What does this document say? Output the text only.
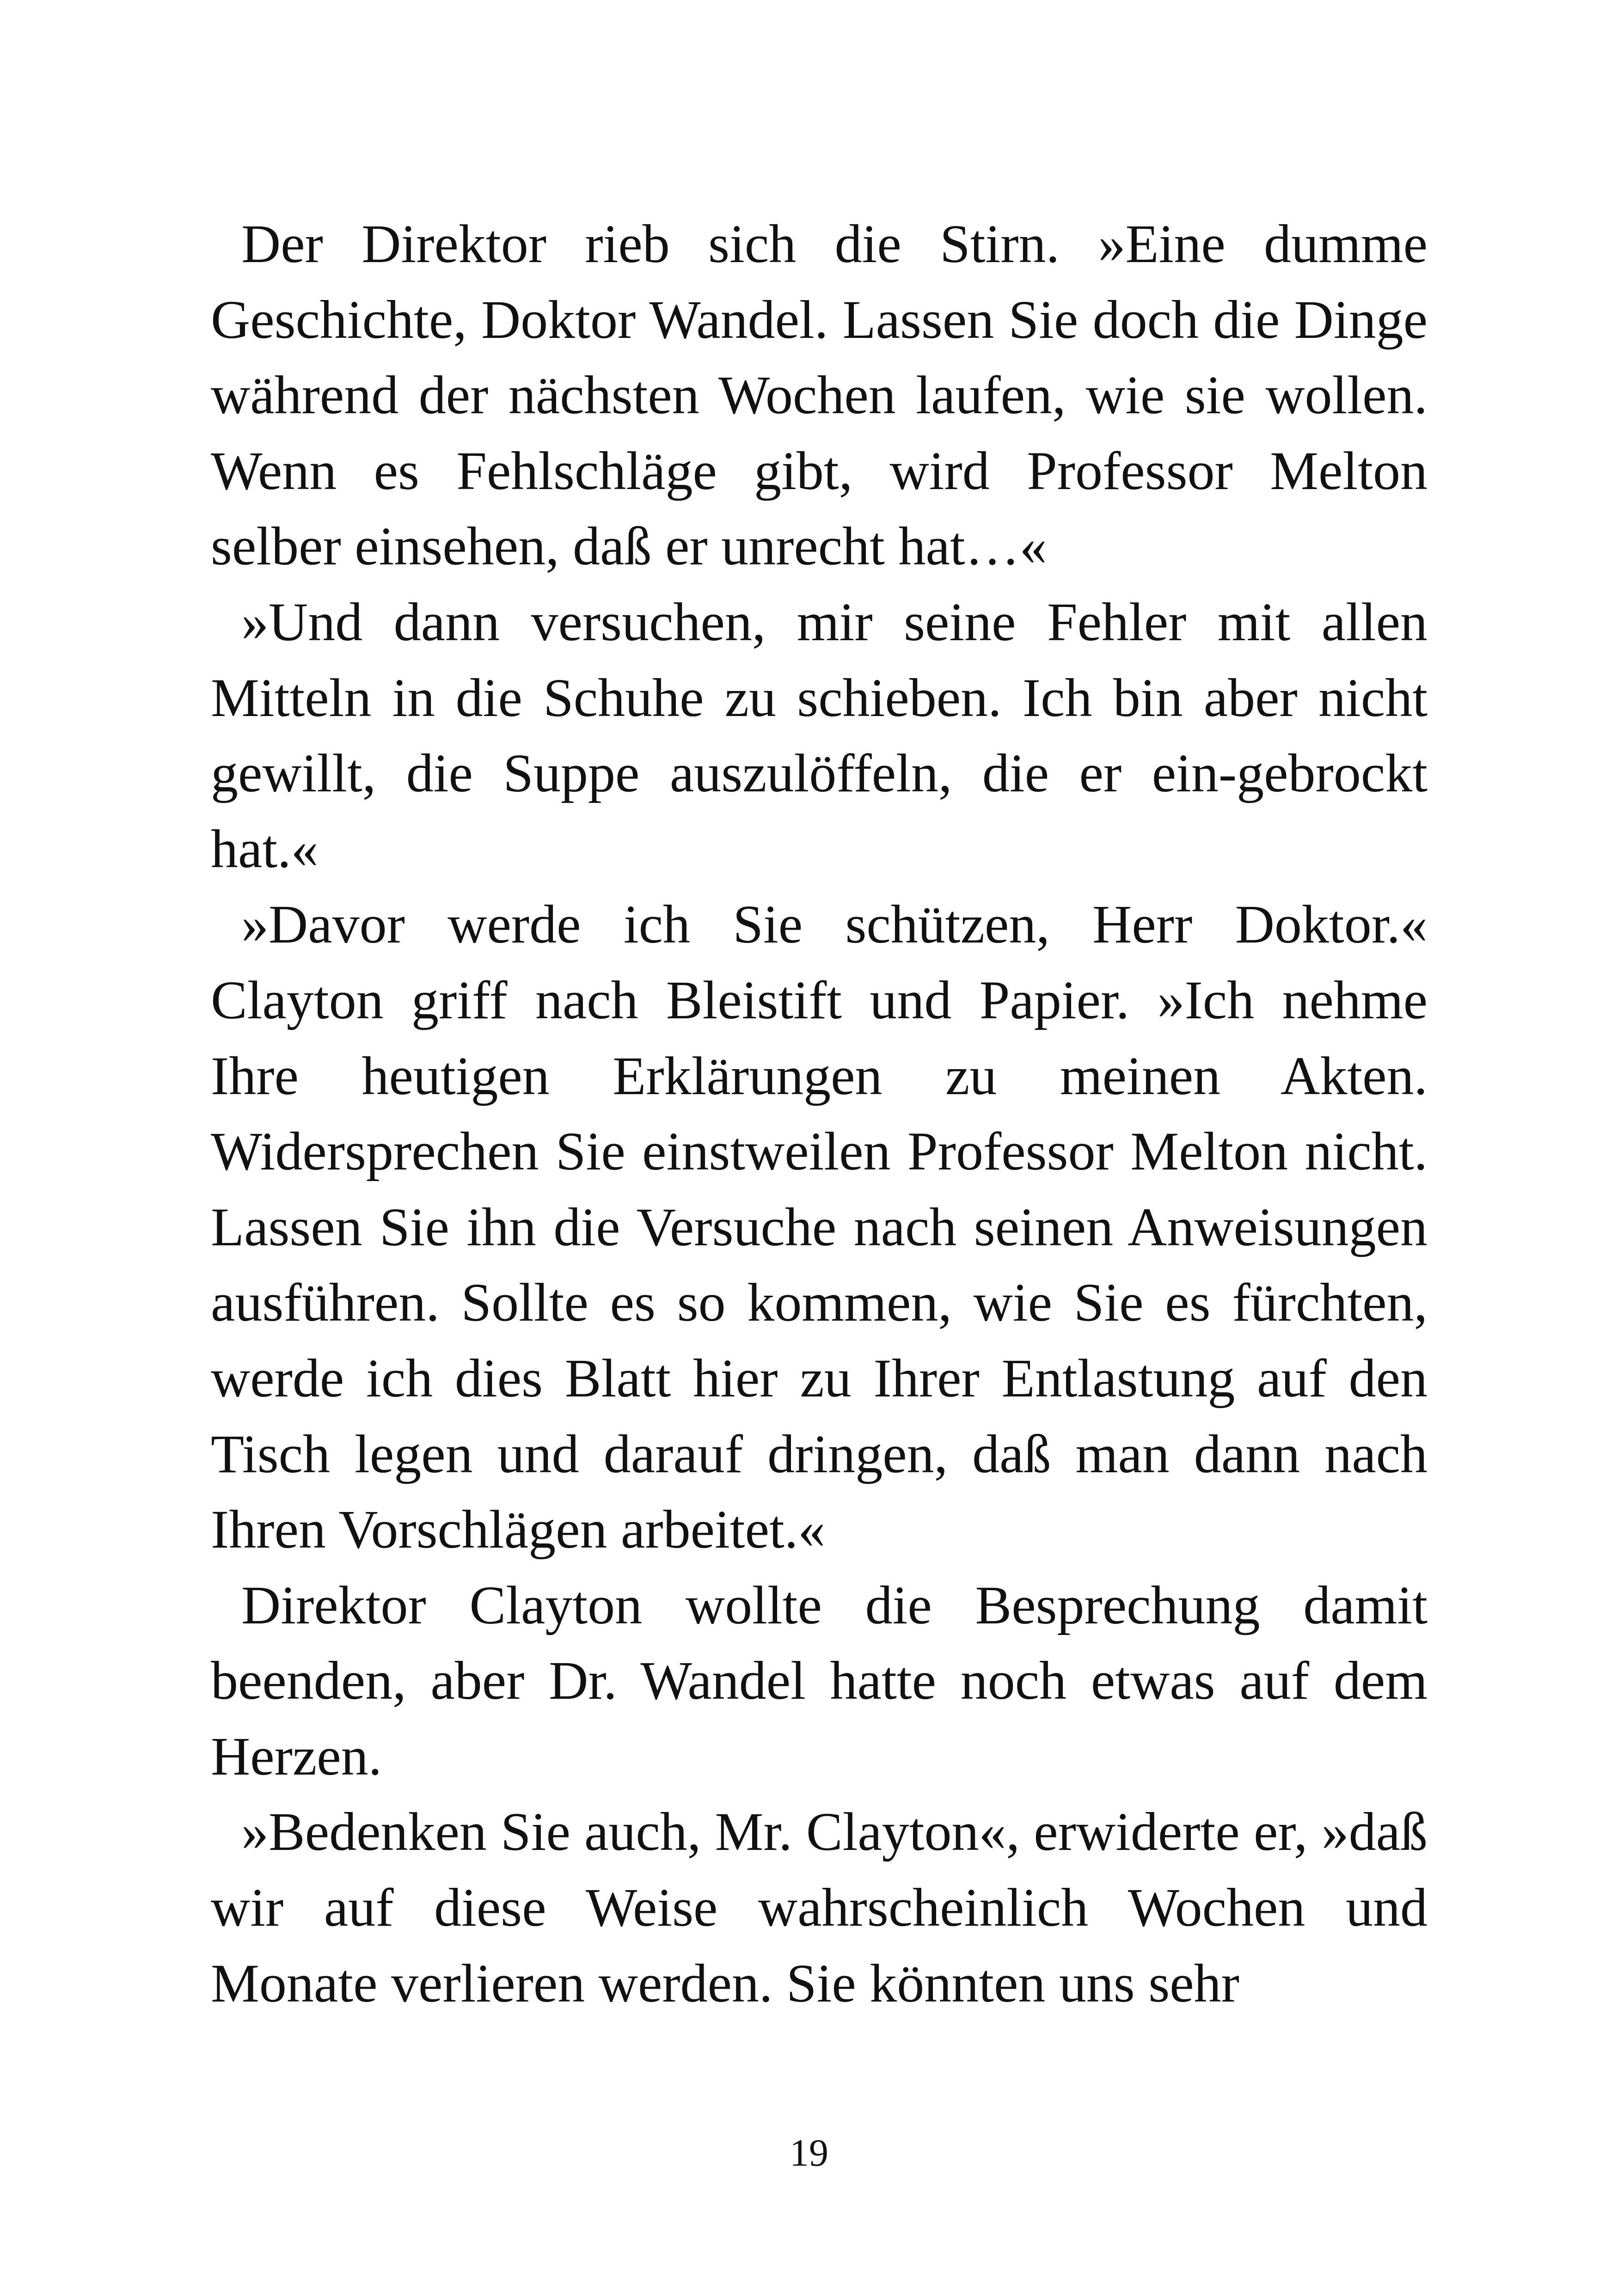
Der Direktor rieb sich die Stirn. »Eine dumme Geschichte, Doktor Wandel. Lassen Sie doch die Dinge während der nächsten Wochen laufen, wie sie wollen. Wenn es Fehlschläge gibt, wird Professor Melton selber einsehen, daß er unrecht hat…«

»Und dann versuchen, mir seine Fehler mit allen Mitteln in die Schuhe zu schieben. Ich bin aber nicht gewillt, die Suppe auszulöffeln, die er ein-gebrockt hat.«

»Davor werde ich Sie schützen, Herr Doktor.« Clayton griff nach Bleistift und Papier. »Ich nehme Ihre heutigen Erklärungen zu meinen Akten. Widersprechen Sie einstweilen Professor Melton nicht. Lassen Sie ihn die Versuche nach seinen Anweisungen ausführen. Sollte es so kommen, wie Sie es fürchten, werde ich dies Blatt hier zu Ihrer Entlastung auf den Tisch legen und darauf dringen, daß man dann nach Ihren Vorschlägen arbeitet.«

Direktor Clayton wollte die Besprechung damit beenden, aber Dr. Wandel hatte noch etwas auf dem Herzen.

»Bedenken Sie auch, Mr. Clayton«, erwiderte er, »daß wir auf diese Weise wahrscheinlich Wochen und Monate verlieren werden. Sie könnten uns sehr

19
